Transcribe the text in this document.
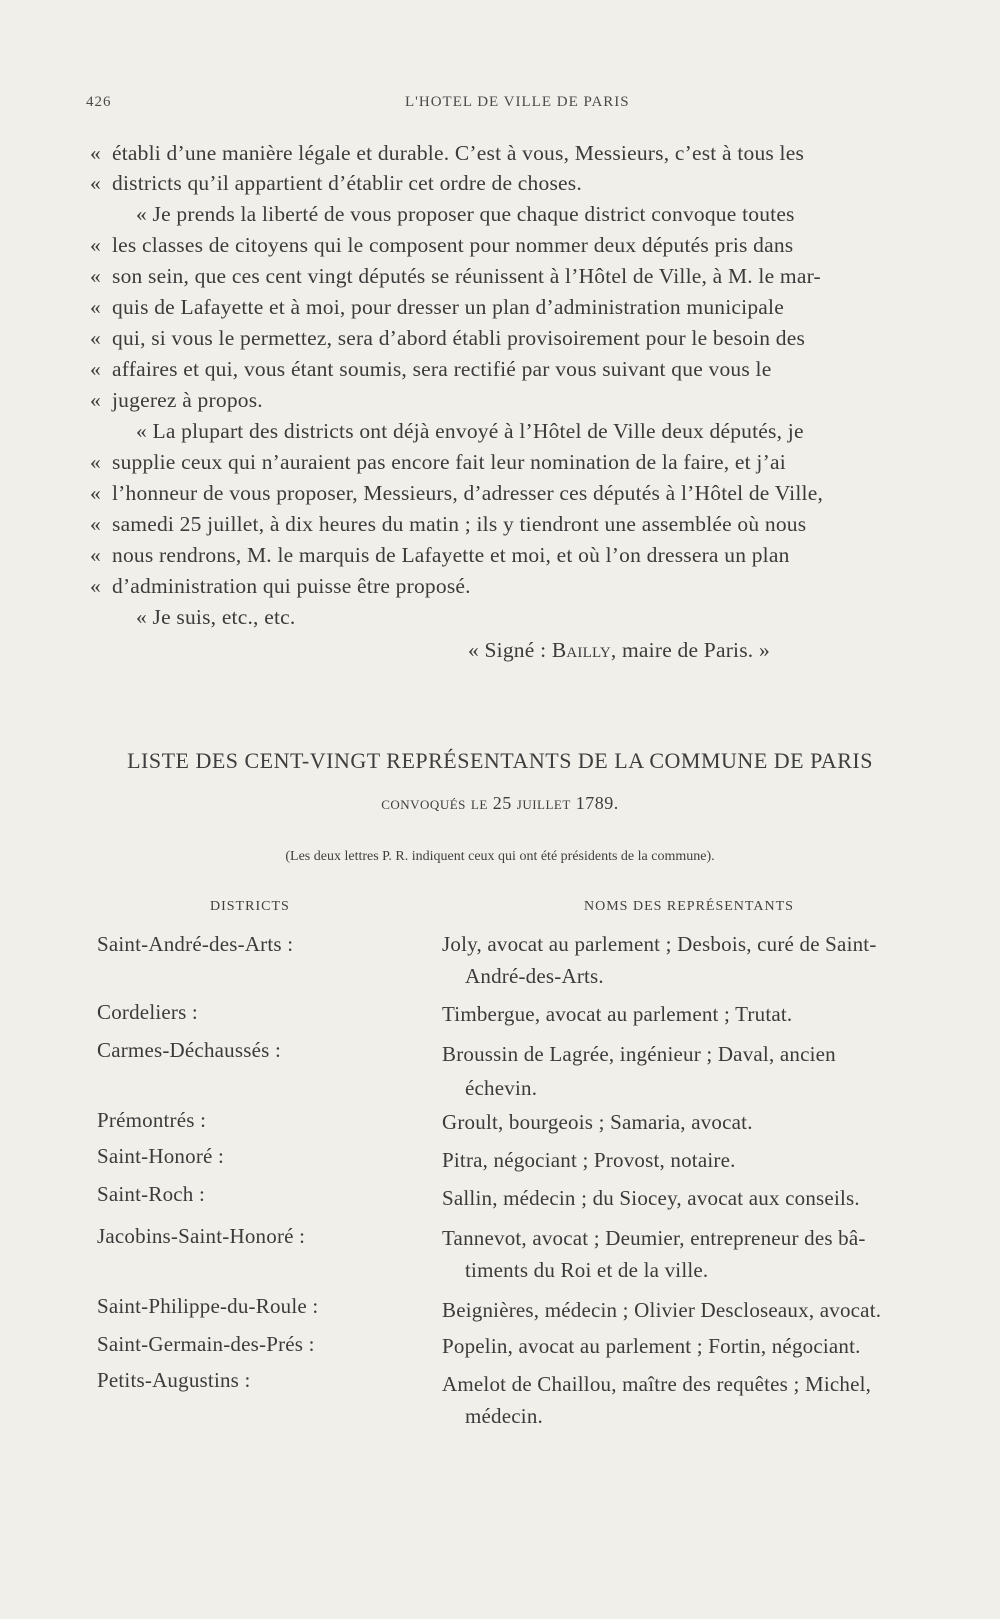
426	L'HOTEL DE VILLE DE PARIS
« établi d’une manière légale et durable. C’est à vous, Messieurs, c’est à tous les
« districts qu’il appartient d’établir cet ordre de choses.
« Je prends la liberté de vous proposer que chaque district convoque toutes
« les classes de citoyens qui le composent pour nommer deux députés pris dans
« son sein, que ces cent vingt députés se réunissent à l’Hôtel de Ville, à M. le mar-
« quis de Lafayette et à moi, pour dresser un plan d’administration municipale
« qui, si vous le permettez, sera d’abord établi provisoirement pour le besoin des
« affaires et qui, vous étant soumis, sera rectifié par vous suivant que vous le
« jugerez à propos.
« La plupart des districts ont déjà envoyé à l’Hôtel de Ville deux députés, je
« supplie ceux qui n’auraient pas encore fait leur nomination de la faire, et j’ai
« l’honneur de vous proposer, Messieurs, d’adresser ces députés à l’Hôtel de Ville,
« samedi 25 juillet, à dix heures du matin ; ils y tiendront une assemblée où nous
« nous rendrons, M. le marquis de Lafayette et moi, et où l’on dressera un plan
« d’administration qui puisse être proposé.
« Je suis, etc., etc.
« Signé : Bailly, maire de Paris. »
LISTE DES CENT-VINGT REPRÉSENTANTS DE LA COMMUNE DE PARIS
convoqués le 25 juillet 1789.
(Les deux lettres P. R. indiquent ceux qui ont été présidents de la commune).
DISTRICTS	NOMS DES REPRÉSENTANTS
Saint-André-des-Arts :	Joly, avocat au parlement ; Desbois, curé de Saint-
André-des-Arts.
Cordeliers :	Timbergue, avocat au parlement ; Trutat.
Carmes-Déchaussés :	Broussin de Lagrée, ingénieur ; Daval, ancien
échevin.
Prémontrés :	Groult, bourgeois ; Samaria, avocat.
Saint-Honoré :	Pitra, négociant ; Provost, notaire.
Saint-Roch :	Sallin, médecin ; du Siocey, avocat aux conseils.
Jacobins-Saint-Honoré :	Tannevot, avocat ; Deumier, entrepreneur des bâ-
timents du Roi et de la ville.
Saint-Philippe-du-Roule :	Beignières, médecin ; Olivier Descloseaux, avocat.
Saint-Germain-des-Prés :	Popelin, avocat au parlement ; Fortin, négociant.
Petits-Augustins :	Amelot de Chaillou, maître des requêtes ; Michel,
médecin.
